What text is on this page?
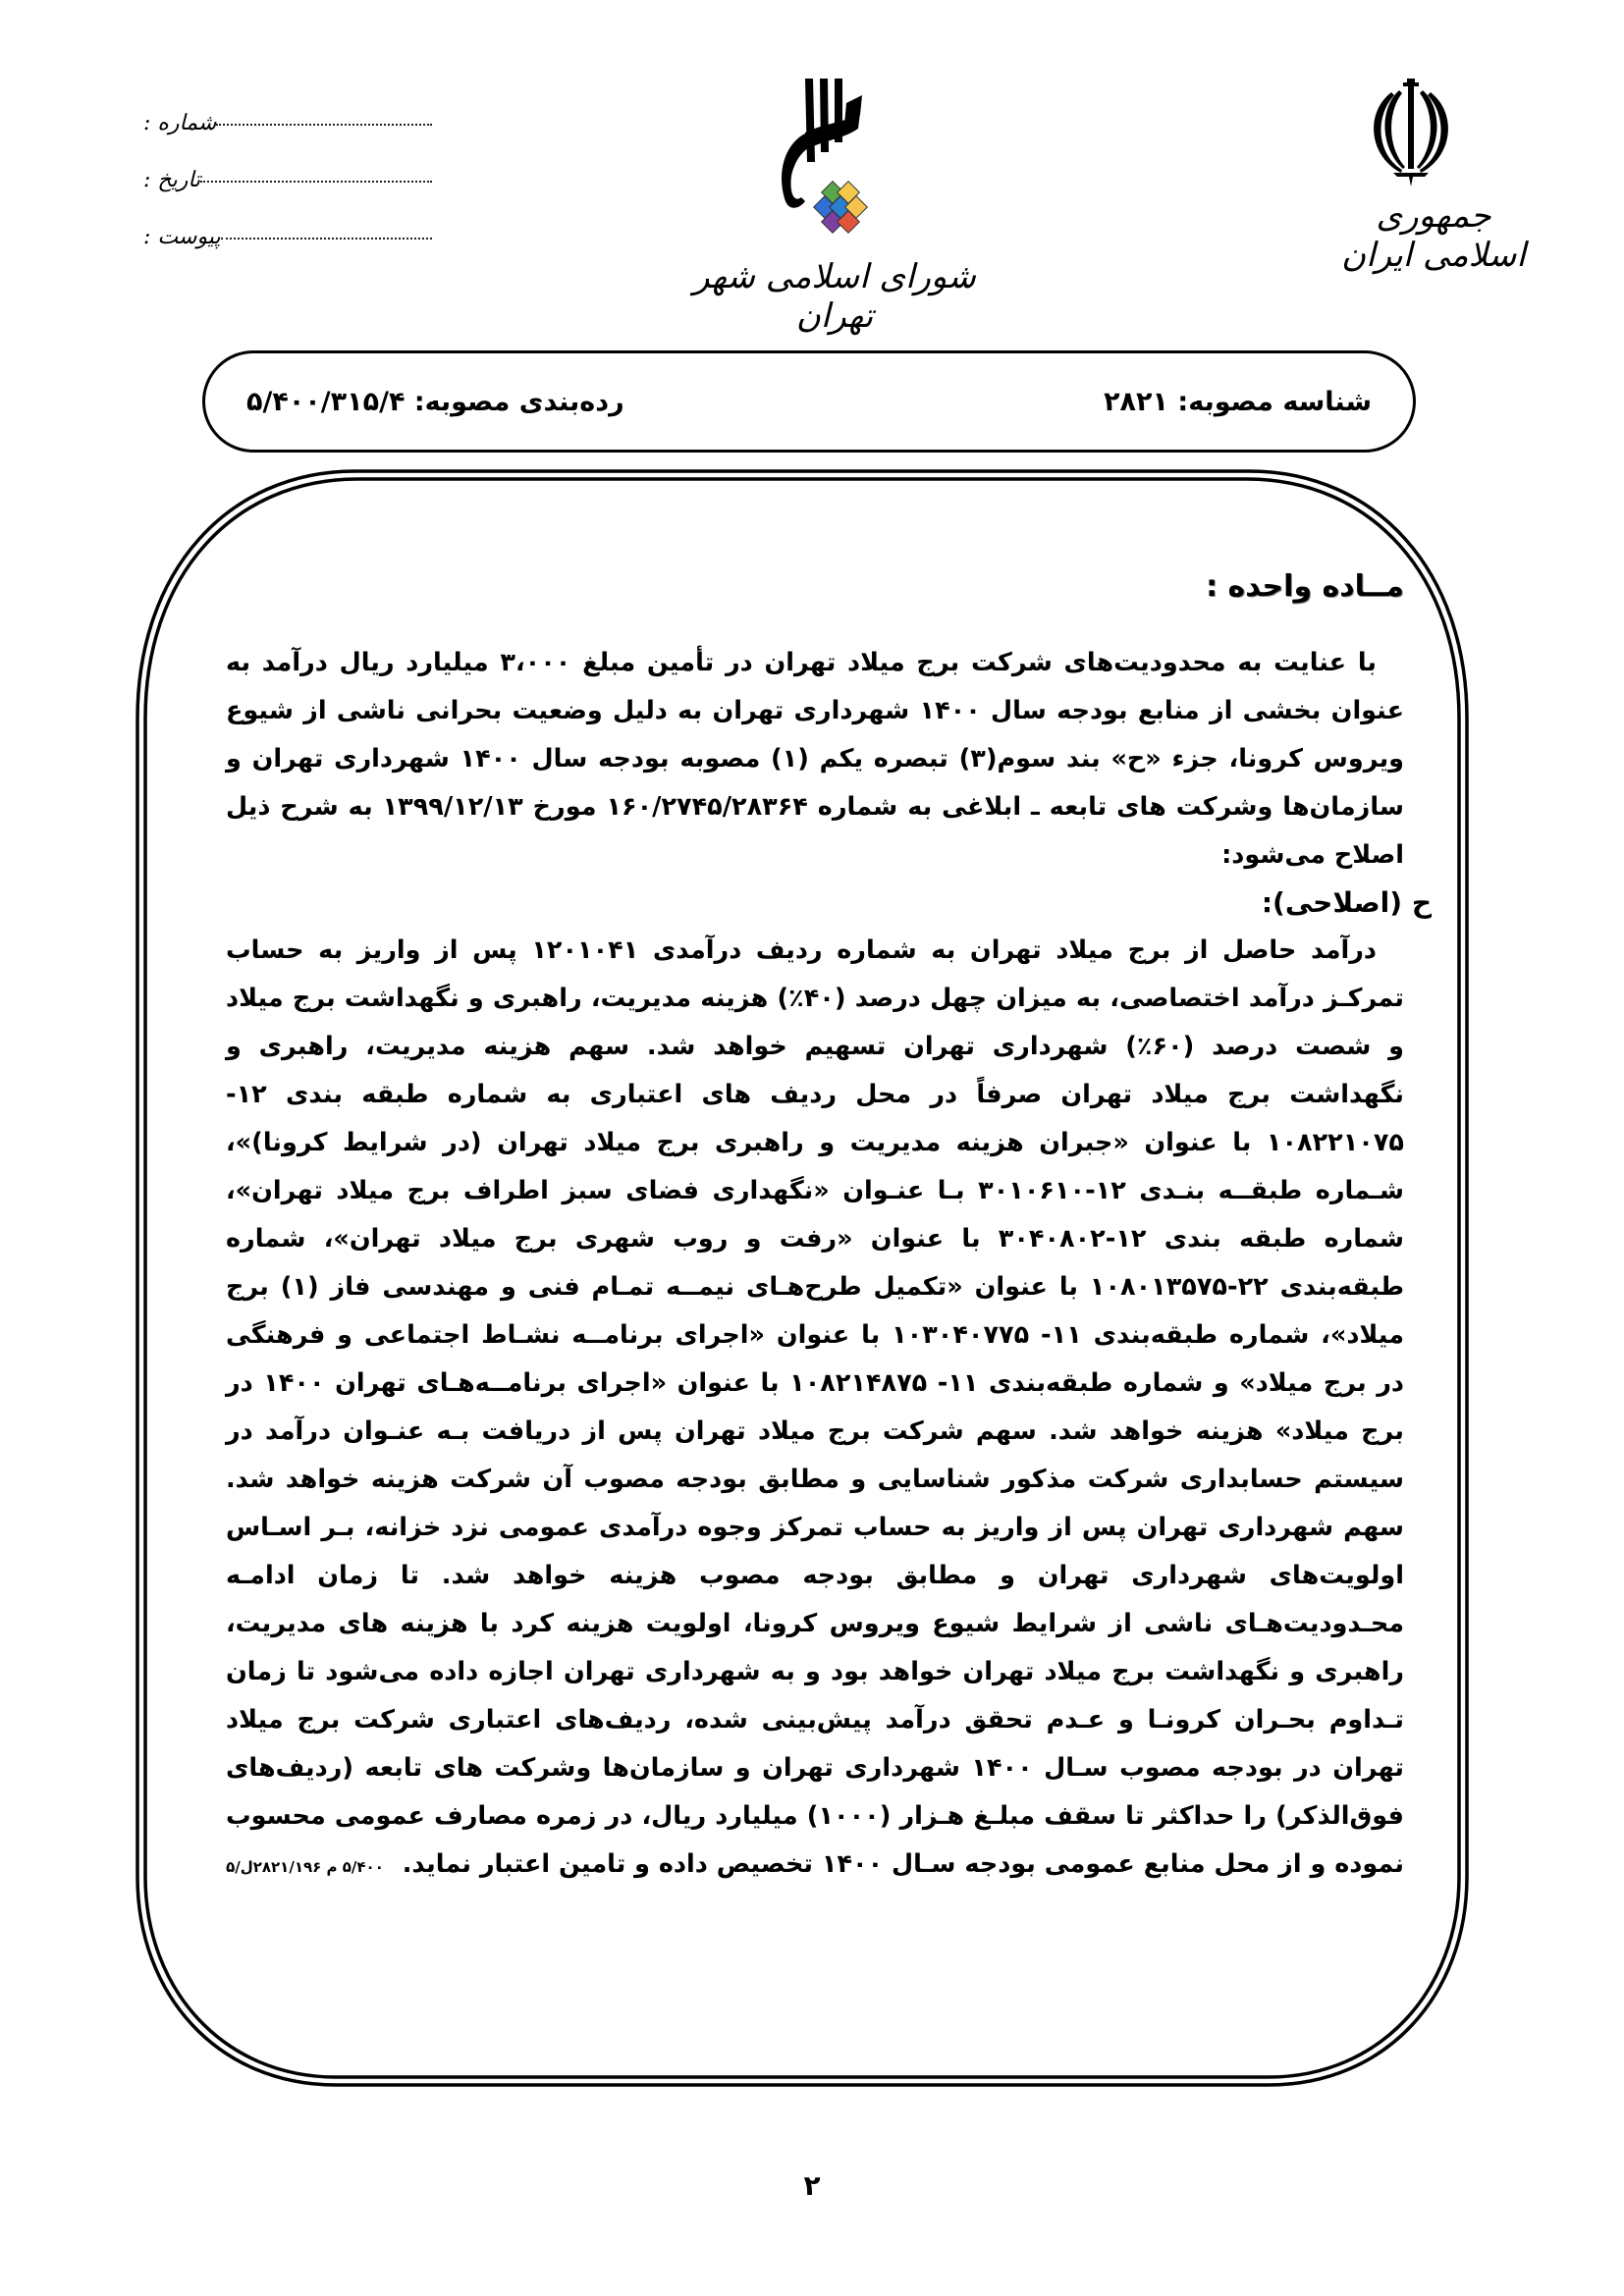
جمهوری اسلامی ایران
شورای اسلامی شهر تهران
شماره :
تاریخ :
پیوست :
شناسه مصوبه: ۲۸۲۱
رده‌بندی مصوبه: ۵/۴۰۰/۳۱۵/۴
مــاده واحده :

با عنایت به محدودیت‌های شرکت برج میلاد تهران در تأمین مبلغ ۳،۰۰۰ میلیارد ریال درآمد به عنوان بخشی از منابع بودجه سال ۱۴۰۰ شهرداری تهران به دلیل وضعیت بحرانی ناشی از شیوع ویروس کرونا، جزء «ح» بند سوم(۳) تبصره یکم (۱) مصوبه بودجه سال ۱۴۰۰ شهرداری تهران و سازمان‌ها وشرکت های تابعه ـ ابلاغی به شماره ۱۶۰/۲۷۴۵/۲۸۳۶۴ مورخ ۱۳۹۹/۱۲/۱۳ به شرح ذیل اصلاح می‌شود:

ح (اصلاحی):

درآمد حاصل از برج میلاد تهران به شماره ردیف درآمدی ۱۲۰۱۰۴۱ پس از واریز به حساب تمرکـز درآمد اختصاصی، به میزان چهل درصد (۴۰٪) هزینه مدیریت، راهبری و نگهداشت برج میلاد و شصت درصد (۶۰٪) شهرداری تهران تسهیم خواهد شد. سهم هزینه مدیریت، راهبری و نگهداشت برج میلاد تهران صرفاً در محل ردیف های اعتباری به شماره طبقه بندی ۱۲- ۱۰۸۲۲۱۰۷۵ با عنوان «جبران هزینه مدیریت و راهبری برج میلاد تهران (در شرایط کرونا)»، شـماره طبقــه بنـدی ۱۲-۳۰۱۰۶۱۰ بـا عنـوان «نگهداری فضای سبز اطراف برج میلاد تهران»، شماره طبقه بندی ۱۲-۳۰۴۰۸۰۲ با عنوان «رفت و روب شهری برج میلاد تهران»، شماره طبقه‌بندی ۲۲-۱۰۸۰۱۳۵۷۵ با عنوان «تکمیل طرح‌هـای نیمــه تمـام فنی و مهندسی فاز (۱) برج میلاد»، شماره طبقه‌بندی ۱۱- ۱۰۳۰۴۰۷۷۵ با عنوان «اجرای برنامــه نشـاط اجتماعی و فرهنگی در برج میلاد» و شماره طبقه‌بندی ۱۱- ۱۰۸۲۱۴۸۷۵ با عنوان «اجرای برنامــه‌هـای تهران ۱۴۰۰ در برج میلاد» هزینه خواهد شد. سهم شرکت برج میلاد تهران پس از دریافت بـه عنـوان درآمد در سیستم حسابداری شرکت مذکور شناسایی و مطابق بودجه مصوب آن شرکت هزینه خواهد شد. سهم شهرداری تهران پس از واریز به حساب تمرکز وجوه درآمدی عمومی نزد خزانه، بـر اسـاس اولویت‌های شهرداری تهران و مطابق بودجه مصوب هزینه خواهد شد. تا زمان ادامـه محـدودیت‌هـای ناشی از شرایط شیوع ویروس کرونا، اولویت هزینه کرد با هزینه های مدیریت، راهبری و نگهداشت برج میلاد تهران خواهد بود و به شهرداری تهران اجازه داده می‌شود تا زمان تـداوم بحـران کرونـا و عـدم تحقق درآمد پیش‌بینی شده، ردیف‌های اعتباری شرکت برج میلاد تهران در بودجه مصوب سـال ۱۴۰۰ شهرداری تهران و سازمان‌ها وشرکت های تابعه (ردیف‌های فوق‌الذکر) را حداکثر تا سقف مبلـغ هـزار (۱۰۰۰) میلیارد ریال، در زمره مصارف عمومی محسوب نموده و از محل منابع عمومی بودجه سـال ۱۴۰۰ تخصیص داده و تامین اعتبار نماید. ۵/۴۰۰ م ۲۸۲۱/۱۹۶ل/۵

۲
